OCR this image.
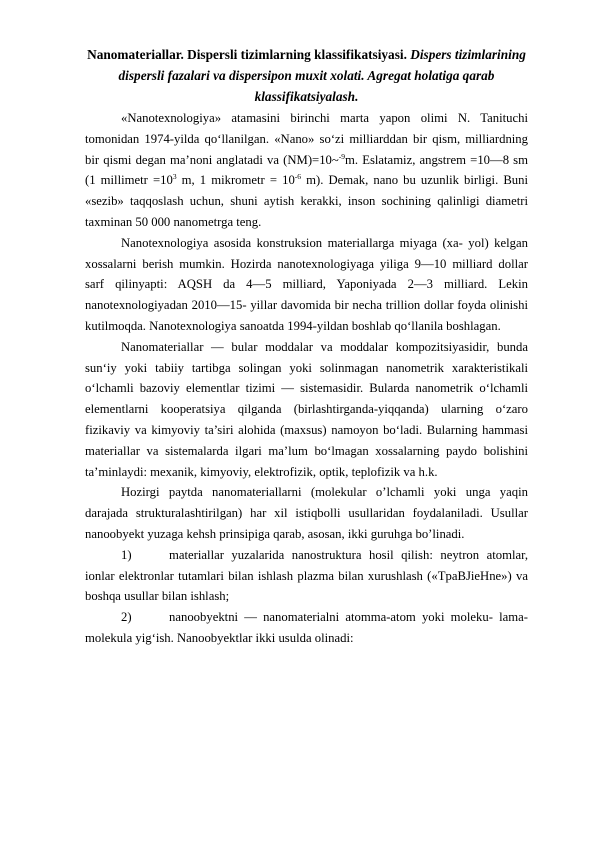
Nanomateriallar. Dispersli tizimlarning klassifikatsiyasi. Dispers tizimlarining dispersli fazalari va dispersipon muxit xolati. Agregat holatiga qarab klassifikatsiyalash.

«Nanotexnologiya» atamasini birinchi marta yapon olimi N. Tanituchi tomonidan 1974-yilda qo‘llanilgan. «Nano» so‘zi milliarddan bir qism, milliardning bir qismi degan ma’noni anglatadi va (NM)=10~$^{-9}$m. Eslatamiz, angstrem =10—8 sm (1 millimetr $=10^3$ m, 1 mikrometr = $10^{-6}$ m). Demak, nano bu uzunlik birligi. Buni «sezib» taqqoslash uchun, shuni aytish kerakki, inson sochining qalinligi diametri taxminan 50 000 nanometrga teng.

Nanotexnologiya asosida konstruksion materiallarga miyaga (xa- yol) kelgan xossalarni berish mumkin. Hozirda nanotexnologiyaga yiliga 9—10 milliard dollar sarf qilinyapti: AQSH da 4—5 milliard, Yaponiyada 2—3 milliard. Lekin nanotexnologiyadan 2010—15- yillar davomida bir necha trillion dollar foyda olinishi kutilmoqda. Nanotexnologiya sanoatda 1994-yildan boshlab qo‘llanila boshlagan.

Nanomateriallar — bular moddalar va moddalar kompozitsiyasidir, bunda sun‘iy yoki tabiiy tartibga solingan yoki solinmagan nanometrik xarakteristikali o‘lchamli bazoviy elementlar tizimi — sistemasidir. Bularda nanometrik o‘lchamli elementlarni kooperatsiya qilganda (birlashtirganda-yiqqanda) ularning o‘zaro fizikaviy va kimyoviy ta’siri alohida (maxsus) namoyon bo‘ladi. Bularning hammasi materiallar va sistemalarda ilgari ma’lum bo‘lmagan xossalarning paydo bolishini ta’minlaydi: mexanik, kimyoviy, elektrofizik, optik, teplofizik va h.k.

Hozirgi paytda nanomateriallarni (molekular o’lchamli yoki unga yaqin darajada strukturalashtirilgan) har xil istiqbolli usullaridan foydalaniladi. Usullar nanoobyekt yuzaga kehsh prinsipiga qarab, asosan, ikki guruhga bo’linadi.

1)	materiallar yuzalarida nanostruktura hosil qilish: neytron atomlar, ionlar elektronlar tutamlari bilan ishlash plazma bilan xurushlash («TpaBJieHne») va boshqa usullar bilan ishlash;

2)	nanoobyektni — nanomaterialni atomma-atom yoki moleku- lama-molekula yig‘ish. Nanoobyektlar ikki usulda olinadi:
